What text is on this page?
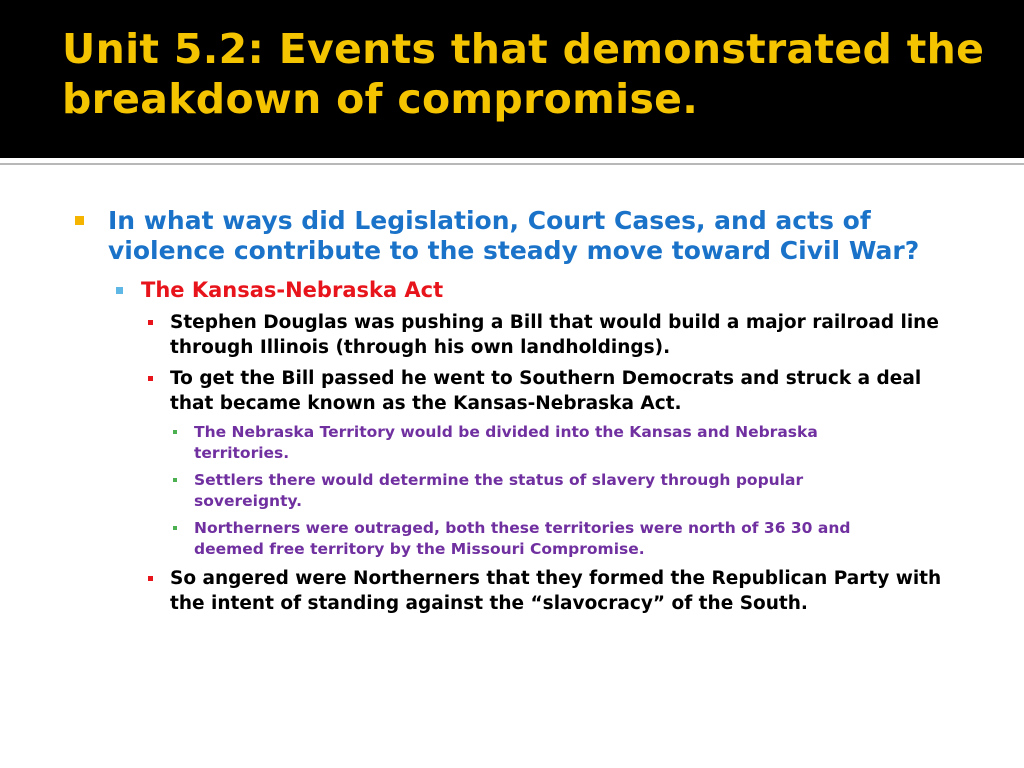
Unit 5.2: Events that demonstrated the breakdown of compromise.
In what ways did Legislation, Court Cases, and acts of violence contribute to the steady move toward Civil War?
The Kansas-Nebraska Act
Stephen Douglas was pushing a Bill that would build a major railroad line through Illinois (through his own landholdings).
To get the Bill passed he went to Southern Democrats and struck a deal that became known as the Kansas-Nebraska Act.
The Nebraska Territory would be divided into the Kansas and Nebraska territories.
Settlers there would determine the status of slavery through popular sovereignty.
Northerners were outraged, both these territories were north of 36 30 and deemed free territory by the Missouri Compromise.
So angered were Northerners that they formed the Republican Party with the intent of standing against the “slavocracy” of the South.
